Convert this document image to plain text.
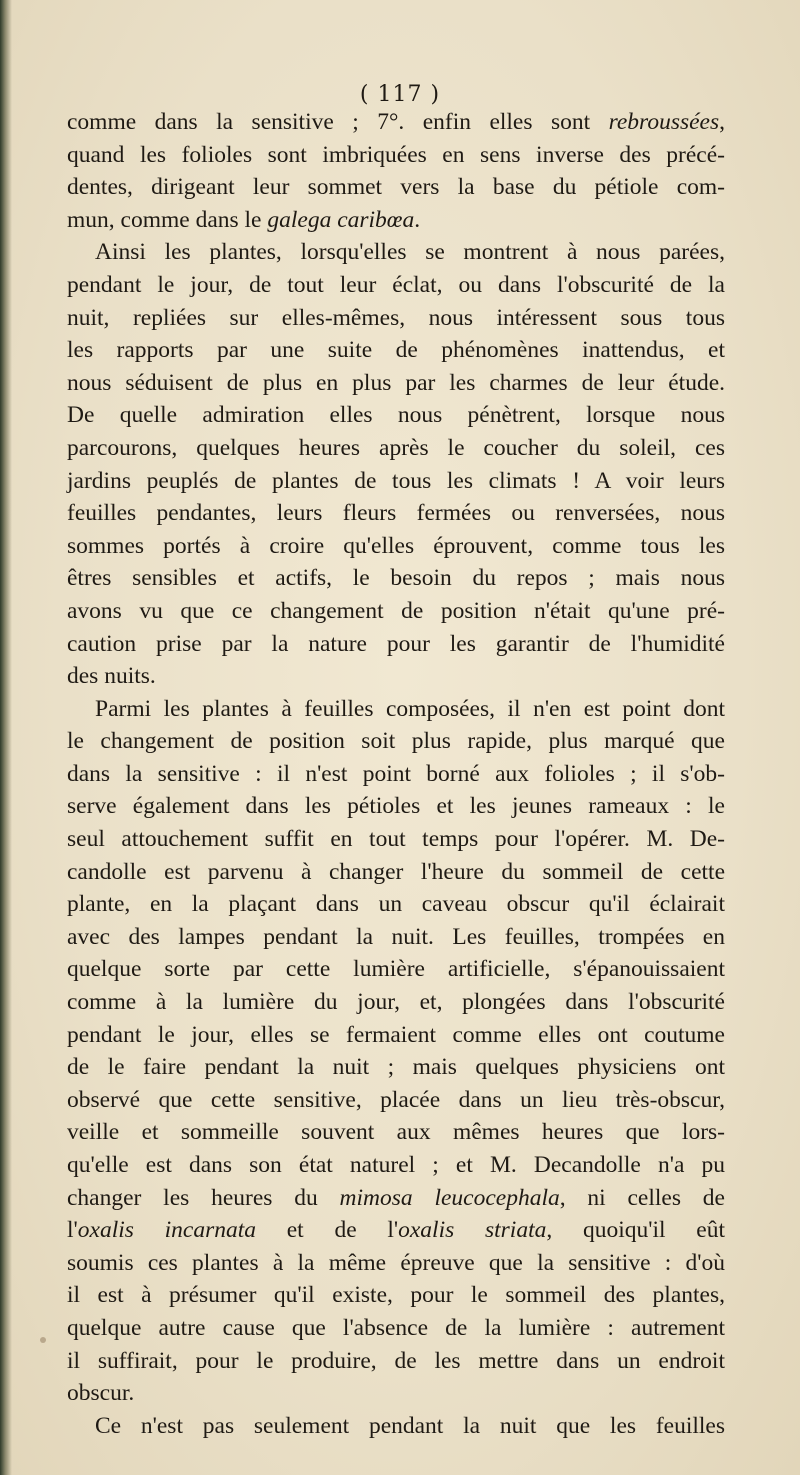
( 117 )
comme dans la sensitive ; 7°. enfin elles sont rebroussées,
quand les folioles sont imbriquées en sens inverse des précé-
dentes, dirigeant leur sommet vers la base du pétiole com-
mun, comme dans le galega caribœa.
Ainsi les plantes, lorsqu'elles se montrent à nous parées,
pendant le jour, de tout leur éclat, ou dans l'obscurité de la
nuit, repliées sur elles-mêmes, nous intéressent sous tous
les rapports par une suite de phénomènes inattendus, et
nous séduisent de plus en plus par les charmes de leur étude.
De quelle admiration elles nous pénètrent, lorsque nous
parcourons, quelques heures après le coucher du soleil, ces
jardins peuplés de plantes de tous les climats ! A voir leurs
feuilles pendantes, leurs fleurs fermées ou renversées, nous
sommes portés à croire qu'elles éprouvent, comme tous les
êtres sensibles et actifs, le besoin du repos ; mais nous
avons vu que ce changement de position n'était qu'une pré-
caution prise par la nature pour les garantir de l'humidité
des nuits.
Parmi les plantes à feuilles composées, il n'en est point dont
le changement de position soit plus rapide, plus marqué que
dans la sensitive : il n'est point borné aux folioles ; il s'ob-
serve également dans les pétioles et les jeunes rameaux : le
seul attouchement suffit en tout temps pour l'opérer. M. De-
candolle est parvenu à changer l'heure du sommeil de cette
plante, en la plaçant dans un caveau obscur qu'il éclairait
avec des lampes pendant la nuit. Les feuilles, trompées en
quelque sorte par cette lumière artificielle, s'épanouissaient
comme à la lumière du jour, et, plongées dans l'obscurité
pendant le jour, elles se fermaient comme elles ont coutume
de le faire pendant la nuit ; mais quelques physiciens ont
observé que cette sensitive, placée dans un lieu très-obscur,
veille et sommeille souvent aux mêmes heures que lors-
qu'elle est dans son état naturel ; et M. Decandolle n'a pu
changer les heures du mimosa leucocephala, ni celles de
l'oxalis incarnata et de l'oxalis striata, quoiqu'il eût
soumis ces plantes à la même épreuve que la sensitive : d'où
il est à présumer qu'il existe, pour le sommeil des plantes,
quelque autre cause que l'absence de la lumière : autrement
il suffirait, pour le produire, de les mettre dans un endroit
obscur.
Ce n'est pas seulement pendant la nuit que les feuilles
